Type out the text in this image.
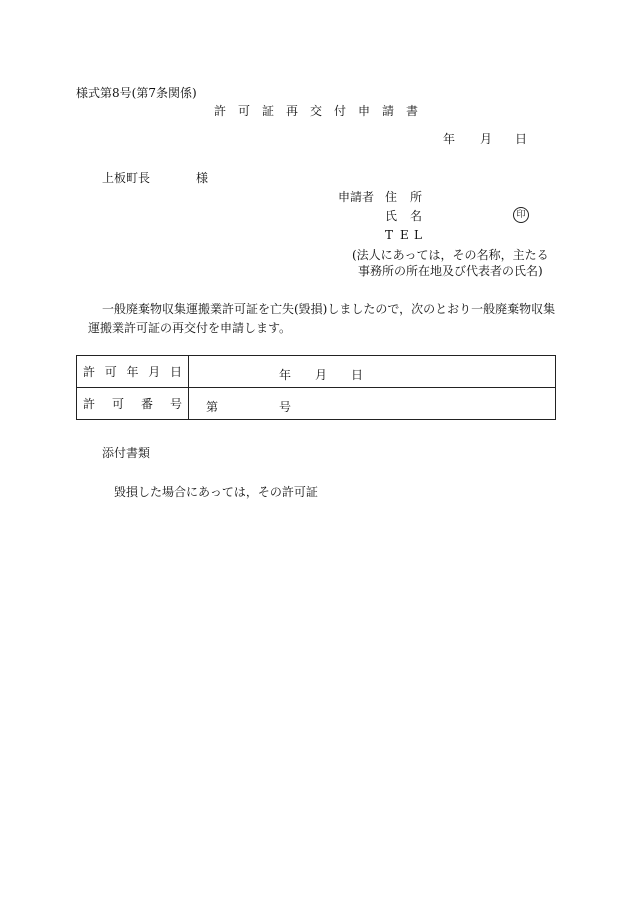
様式第8号(第7条関係)
許 可 証 再 交 付 申 請 書
年 月 日
上板町長	様
申請者 住 所
氏 名	印
T E L
(法人にあっては，その名称，主たる
事務所の所在地及び代表者の氏名)
一般廃棄物収集運搬業許可証を亡失(毀損)しましたので，次のとおり一般廃棄物収集
運搬業許可証の再交付を申請します。
許 可 年 月 日	年 月 日

許 可 番 号	第 号
添付書類
毀損した場合にあっては，その許可証
